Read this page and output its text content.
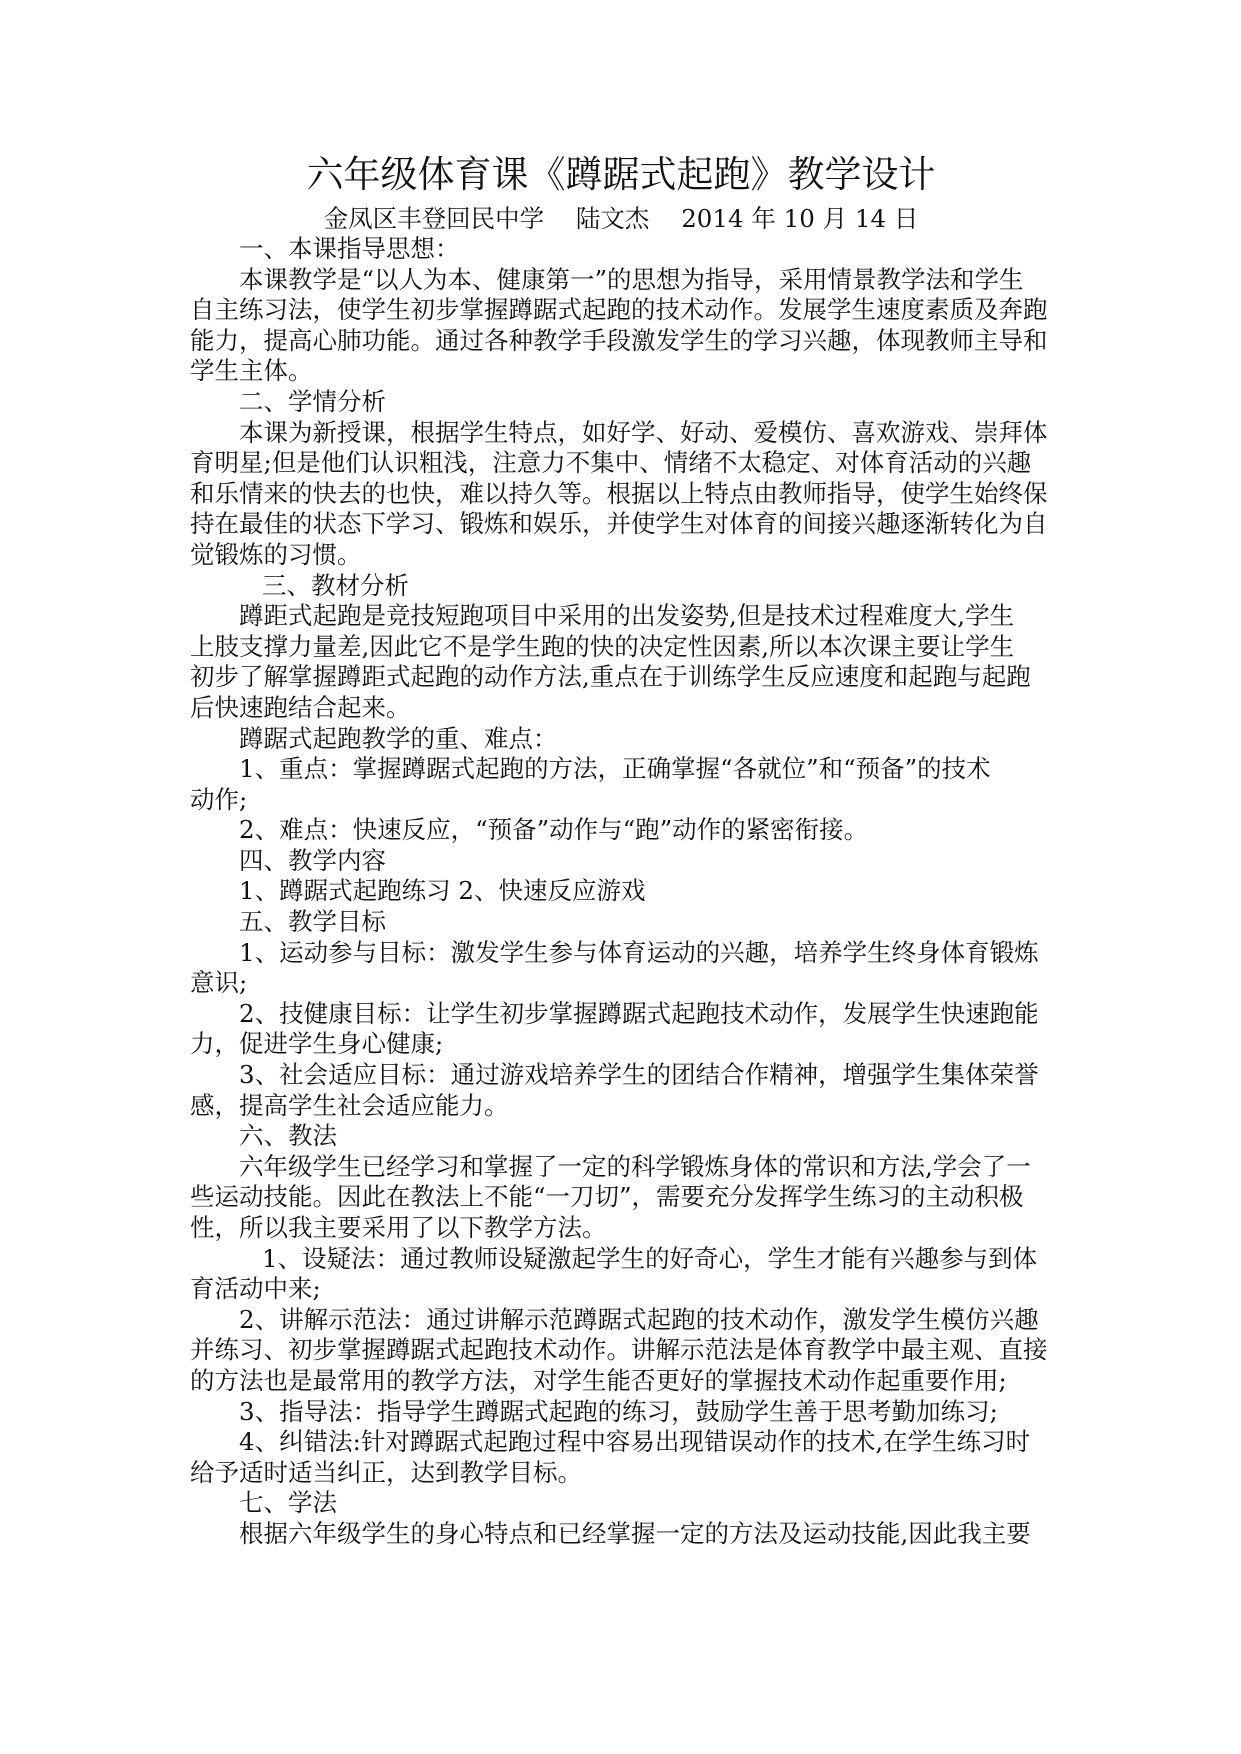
六年级体育课《蹲踞式起跑》教学设计
金凤区丰登回民中学 陆文杰 2014 年 10 月 14 日
一、本课指导思想：
本课教学是“以人为本、健康第一”的思想为指导，采用情景教学法和学生
自主练习法，使学生初步掌握蹲踞式起跑的技术动作。发展学生速度素质及奔跑
能力，提高心肺功能。通过各种教学手段激发学生的学习兴趣，体现教师主导和
学生主体。
二、学情分析
本课为新授课，根据学生特点，如好学、好动、爱模仿、喜欢游戏、崇拜体
育明星;但是他们认识粗浅，注意力不集中、情绪不太稳定、对体育活动的兴趣
和乐情来的快去的也快，难以持久等。根据以上特点由教师指导，使学生始终保
持在最佳的状态下学习、锻炼和娱乐，并使学生对体育的间接兴趣逐渐转化为自
觉锻炼的习惯。
三、教材分析
蹲距式起跑是竞技短跑项目中采用的出发姿势,但是技术过程难度大,学生
上肢支撑力量差,因此它不是学生跑的快的决定性因素,所以本次课主要让学生
初步了解掌握蹲距式起跑的动作方法,重点在于训练学生反应速度和起跑与起跑
后快速跑结合起来。
蹲踞式起跑教学的重、难点：
1、重点：掌握蹲踞式起跑的方法，正确掌握“各就位”和“预备”的技术
动作;
2、难点：快速反应，“预备”动作与“跑”动作的紧密衔接。
四、教学内容
1、蹲踞式起跑练习 2、快速反应游戏
五、教学目标
1、运动参与目标：激发学生参与体育运动的兴趣，培养学生终身体育锻炼
意识;
2、技健康目标：让学生初步掌握蹲踞式起跑技术动作，发展学生快速跑能
力，促进学生身心健康;
3、社会适应目标：通过游戏培养学生的团结合作精神，增强学生集体荣誉
感，提高学生社会适应能力。
六、教法
六年级学生已经学习和掌握了一定的科学锻炼身体的常识和方法,学会了一
些运动技能。因此在教法上不能“一刀切”，需要充分发挥学生练习的主动积极
性，所以我主要采用了以下教学方法。
1、设疑法：通过教师设疑激起学生的好奇心，学生才能有兴趣参与到体
育活动中来;
2、讲解示范法：通过讲解示范蹲踞式起跑的技术动作，激发学生模仿兴趣
并练习、初步掌握蹲踞式起跑技术动作。讲解示范法是体育教学中最主观、直接
的方法也是最常用的教学方法，对学生能否更好的掌握技术动作起重要作用;
3、指导法：指导学生蹲踞式起跑的练习，鼓励学生善于思考勤加练习;
4、纠错法:针对蹲踞式起跑过程中容易出现错误动作的技术,在学生练习时
给予适时适当纠正，达到教学目标。
七、学法
根据六年级学生的身心特点和已经掌握一定的方法及运动技能,因此我主要
